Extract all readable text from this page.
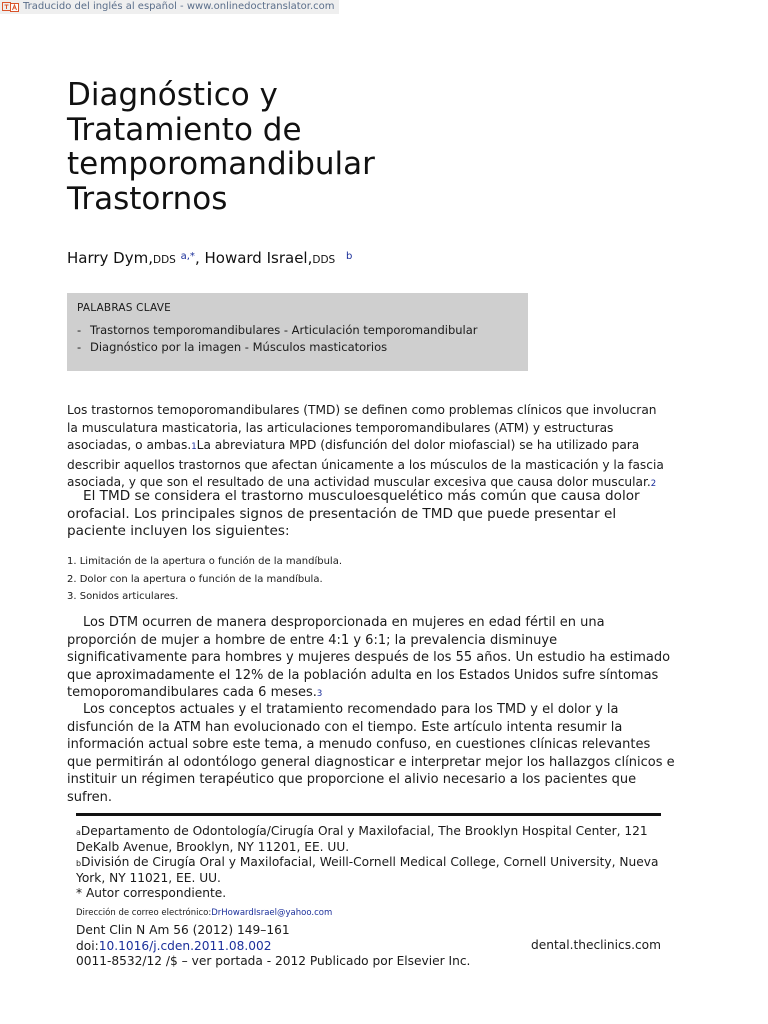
Traducido del inglés al español - www.onlinedoctranslator.com
Diagnóstico y
Tratamiento de
temporomandibular
Trastornos
Harry Dym,DDS $^{a,*}$, Howard Israel,DDS $^b$
PALABRAS CLAVE
- Trastornos temporomandibulares - Articulación temporomandibular
- Diagnóstico por la imagen - Músculos masticatorios

Los trastornos temoporomandibulares (TMD) se definen como problemas clínicos que involucran la musculatura masticatoria, las articulaciones temporomandibulares (ATM) y estructuras asociadas, o ambas.1La abreviatura MPD (disfunción del dolor miofascial) se ha utilizado para describir aquellos trastornos que afectan únicamente a los músculos de la masticación y la fascia asociada, y que son el resultado de una actividad muscular excesiva que causa dolor muscular.2

El TMD se considera el trastorno musculoesquelético más común que causa dolor orofacial. Los principales signos de presentación de TMD que puede presentar el paciente incluyen los siguientes:

1. Limitación de la apertura o función de la mandíbula.
2. Dolor con la apertura o función de la mandíbula.
3. Sonidos articulares.

Los DTM ocurren de manera desproporcionada en mujeres en edad fértil en una proporción de mujer a hombre de entre 4:1 y 6:1; la prevalencia disminuye significativamente para hombres y mujeres después de los 55 años. Un estudio ha estimado que aproximadamente el 12% de la población adulta en los Estados Unidos sufre síntomas temoporomandibulares cada 6 meses.3

Los conceptos actuales y el tratamiento recomendado para los TMD y el dolor y la disfunción de la ATM han evolucionado con el tiempo. Este artículo intenta resumir la información actual sobre este tema, a menudo confuso, en cuestiones clínicas relevantes que permitirán al odontólogo general diagnosticar e interpretar mejor los hallazgos clínicos e instituir un régimen terapéutico que proporcione el alivio necesario a los pacientes que sufren.

aDepartamento de Odontología/Cirugía Oral y Maxilofacial, The Brooklyn Hospital Center, 121 DeKalb Avenue, Brooklyn, NY 11201, EE. UU.

bDivisión de Cirugía Oral y Maxilofacial, Weill-Cornell Medical College, Cornell University, Nueva York, NY 11021, EE. UU.

* Autor correspondiente.

Dirección de correo electrónico:DrHowardIsrael@yahoo.com

Dent Clin N Am 56 (2012) 149–161

doi:10.1016/j.cden.2011.08.002

0011-8532/12 /$ – ver portada - 2012 Publicado por Elsevier Inc.

dental.theclinics.com
